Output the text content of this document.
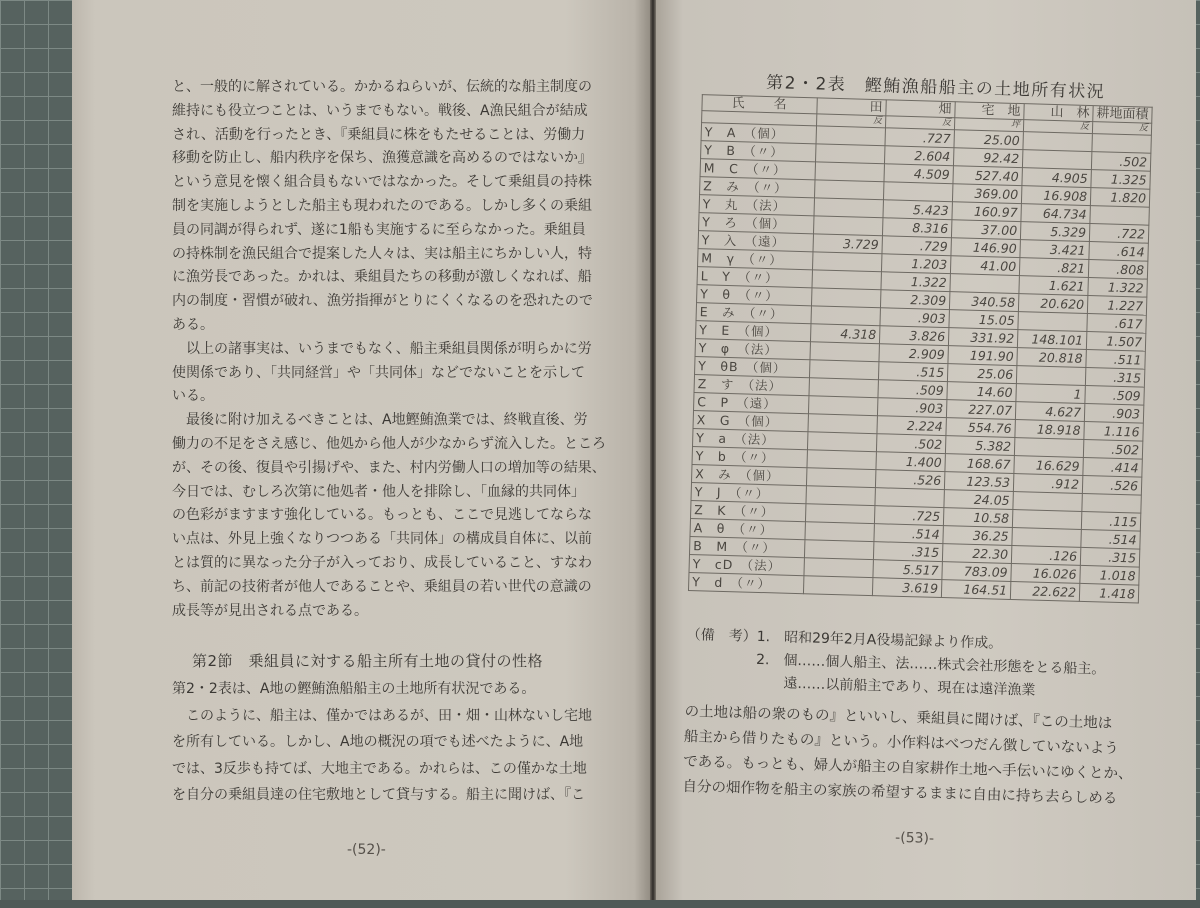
と、一般的に解されている。かかるねらいが、伝統的な船主制度の
維持にも役立つことは、いうまでもない。戦後、A漁民組合が結成
され、活動を行ったとき、『乗組員に株をもたせることは、労働力
移動を防止し、船内秩序を保ち、漁獲意識を高めるのではないか』
という意見を懐く組合員もないではなかった。そして乗組員の持株
制を実施しようとした船主も現われたのである。しかし多くの乗組
員の同調が得られず、遂に1船も実施するに至らなかった。乗組員
の持株制を漁民組合で提案した人々は、実は船主にちかしい人，特
に漁労長であった。かれは、乗組員たちの移動が激しくなれば、船
内の制度・習慣が破れ、漁労指揮がとりにくくなるのを恐れたので
ある。
　以上の諸事実は、いうまでもなく、船主乗組員関係が明らかに労
使関係であり、「共同経営」や「共同体」などでないことを示して
いる。
　最後に附け加えるべきことは、A地鰹鮪漁業では、終戦直後、労
働力の不足をさえ感じ、他処から他人が少なからず流入した。ところ
が、その後、復員や引揚げや、また、村内労働人口の増加等の結果、
今日では、むしろ次第に他処者・他人を排除し、「血縁的共同体」
の色彩がますます強化している。もっとも、ここで見逃してならな
い点は、外見上強くなりつつある「共同体」の構成員自体に、以前
とは質的に異なった分子が入っており、成長していること、すなわ
ち、前記の技術者が他人であることや、乗組員の若い世代の意識の
成長等が見出される点である。
第2節　乗組員に対する船主所有土地の貸付の性格
第2・2表は、A地の鰹鮪漁船船主の土地所有状況である。
　このように、船主は、僅かではあるが、田・畑・山林ないし宅地
を所有している。しかし、A地の概況の項でも述べたように、A地
では、3反歩も持てば、大地主である。かれらは、この僅かな土地
を自分の乗組員達の住宅敷地として貸与する。船主に聞けば、『こ
-(52)-
第2・2表　鰹鮪漁船船主の土地所有状況
氏　　名	田	畑	宅　地	山　林	耕地面積
	反	反	坪	反	反
Y　A　（個）		.727	25.00		
Y　B　（〃）		2.604	92.42		.502
M　C　（〃）		4.509	527.40	4.905	1.325
Z　み　（〃）			369.00	16.908	1.820
Y　丸　（法）		5.423	160.97	64.734	
Y　ろ　（個）		8.316	37.00	5.329	.722
Y　入　（遠）	3.729	.729	146.90	3.421	.614
M　γ　（〃）		1.203	41.00	.821	.808
L　Y　（〃）		1.322		1.621	1.322
Y　θ　（〃）		2.309	340.58	20.620	1.227
E　み　（〃）		.903	15.05		.617
Y　E　（個）	4.318	3.826	331.92	148.101	1.507
Y　φ　（法）		2.909	191.90	20.818	.511
Y　θB　（個）		.515	25.06		.315
Z　す　（法）		.509	14.60	1	.509
C　P　（遠）		.903	227.07	4.627	.903
X　G　（個）		2.224	554.76	18.918	1.116
Y　a　（法）		.502	5.382		.502
Y　b　（〃）		1.400	168.67	16.629	.414
X　み　（個）		.526	123.53	.912	.526
Y　J　（〃）			24.05		
Z　K　（〃）		.725	10.58		.115
A　θ　（〃）		.514	36.25		.514
B　M　（〃）		.315	22.30	.126	.315
Y　cD　（法）		5.517	783.09	16.026	1.018
Y　d　（〃）		3.619	164.51	22.622	1.418
（備　考）1.　昭和29年2月A役場記録より作成。
　　　　　2.　個……個人船主、法……株式会社形態をとる船主。
　　　　　　　遠……以前船主であり、現在は遠洋漁業
の土地は船の衆のもの』といいし、乗組員に聞けば、『この土地は
船主から借りたもの』という。小作料はべつだん徴していないよう
である。もっとも、婦人が船主の自家耕作土地へ手伝いにゆくとか、
自分の畑作物を船主の家族の希望するままに自由に持ち去らしめる
-(53)-
